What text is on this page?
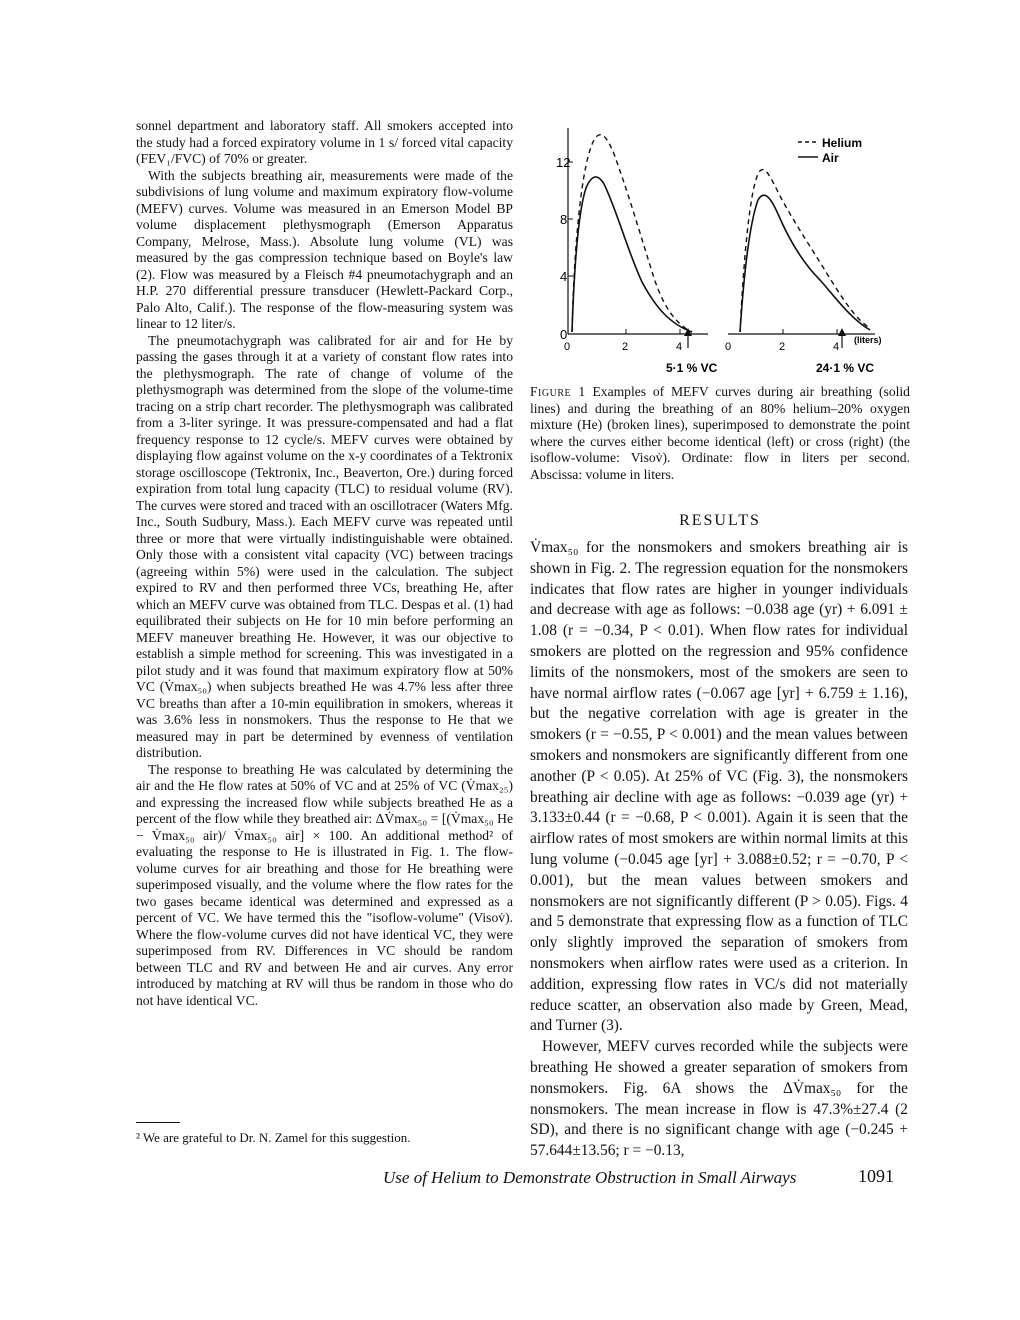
sonnel department and laboratory staff. All smokers accepted into the study had a forced expiratory volume in 1 s/ forced vital capacity (FEV₁/FVC) of 70% or greater.

With the subjects breathing air, measurements were made of the subdivisions of lung volume and maximum expiratory flow-volume (MEFV) curves. Volume was measured in an Emerson Model BP volume displacement plethysmograph (Emerson Apparatus Company, Melrose, Mass.). Absolute lung volume (VL) was measured by the gas compression technique based on Boyle's law (2). Flow was measured by a Fleisch #4 pneumotachygraph and an H.P. 270 differential pressure transducer (Hewlett-Packard Corp., Palo Alto, Calif.). The response of the flow-measuring system was linear to 12 liter/s.

The pneumotachygraph was calibrated for air and for He by passing the gases through it at a variety of constant flow rates into the plethysmograph. The rate of change of volume of the plethysmograph was determined from the slope of the volume-time tracing on a strip chart recorder. The plethysmograph was calibrated from a 3-liter syringe. It was pressure-compensated and had a flat frequency response to 12 cycle/s. MEFV curves were obtained by displaying flow against volume on the x-y coordinates of a Tektronix storage oscilloscope (Tektronix, Inc., Beaverton, Ore.) during forced expiration from total lung capacity (TLC) to residual volume (RV). The curves were stored and traced with an oscillotracer (Waters Mfg. Inc., South Sudbury, Mass.). Each MEFV curve was repeated until three or more that were virtually indistinguishable were obtained. Only those with a consistent vital capacity (VC) between tracings (agreeing within 5%) were used in the calculation. The subject expired to RV and then performed three VCs, breathing He, after which an MEFV curve was obtained from TLC. Despas et al. (1) had equilibrated their subjects on He for 10 min before performing an MEFV maneuver breathing He. However, it was our objective to establish a simple method for screening. This was investigated in a pilot study and it was found that maximum expiratory flow at 50% VC (V̇max₅₀) when subjects breathed He was 4.7% less after three VC breaths than after a 10-min equilibration in smokers, whereas it was 3.6% less in nonsmokers. Thus the response to He that we measured may in part be determined by evenness of ventilation distribution.

The response to breathing He was calculated by determining the air and the He flow rates at 50% of VC and at 25% of VC (V̇max₂₅) and expressing the increased flow while subjects breathed He as a percent of the flow while they breathed air: ΔV̇max₅₀ = [(V̇max₅₀ He − V̇max₅₀ air)/ V̇max₅₀ air] × 100. An additional method² of evaluating the response to He is illustrated in Fig. 1. The flow-volume curves for air breathing and those for He breathing were superimposed visually, and the volume where the flow rates for the two gases became identical was determined and expressed as a percent of VC. We have termed this the "isoflow-volume" (Visov̇). Where the flow-volume curves did not have identical VC, they were superimposed from RV. Differences in VC should be random between TLC and RV and between He and air curves. Any error introduced by matching at RV will thus be random in those who do not have identical VC.

² We are grateful to Dr. N. Zamel for this suggestion.

12
8
4
0
0	2	4	0	2	4
(liters)
Helium
Air
5·1 % VC	24·1 % VC

Figure 1 Examples of MEFV curves during air breathing (solid lines) and during the breathing of an 80% helium–20% oxygen mixture (He) (broken lines), superimposed to demonstrate the point where the curves either become identical (left) or cross (right) (the isoflow-volume: Visov̇). Ordinate: flow in liters per second. Abscissa: volume in liters.

RESULTS

V̇max₅₀ for the nonsmokers and smokers breathing air is shown in Fig. 2. The regression equation for the nonsmokers indicates that flow rates are higher in younger individuals and decrease with age as follows: −0.038 age (yr) + 6.091 ± 1.08 (r = −0.34, P < 0.01). When flow rates for individual smokers are plotted on the regression and 95% confidence limits of the nonsmokers, most of the smokers are seen to have normal airflow rates (−0.067 age [yr] + 6.759 ± 1.16), but the negative correlation with age is greater in the smokers (r = −0.55, P < 0.001) and the mean values between smokers and nonsmokers are significantly different from one another (P < 0.05). At 25% of VC (Fig. 3), the nonsmokers breathing air decline with age as follows: −0.039 age (yr) + 3.133±0.44 (r = −0.68, P < 0.001). Again it is seen that the airflow rates of most smokers are within normal limits at this lung volume (−0.045 age [yr] + 3.088±0.52; r = −0.70, P < 0.001), but the mean values between smokers and nonsmokers are not significantly different (P > 0.05). Figs. 4 and 5 demonstrate that expressing flow as a function of TLC only slightly improved the separation of smokers from nonsmokers when airflow rates were used as a criterion. In addition, expressing flow rates in VC/s did not materially reduce scatter, an observation also made by Green, Mead, and Turner (3).

However, MEFV curves recorded while the subjects were breathing He showed a greater separation of smokers from nonsmokers. Fig. 6A shows the ΔV̇max₅₀ for the nonsmokers. The mean increase in flow is 47.3%±27.4 (2 SD), and there is no significant change with age (−0.245 + 57.644±13.56; r = −0.13,

Use of Helium to Demonstrate Obstruction in Small Airways	1091
